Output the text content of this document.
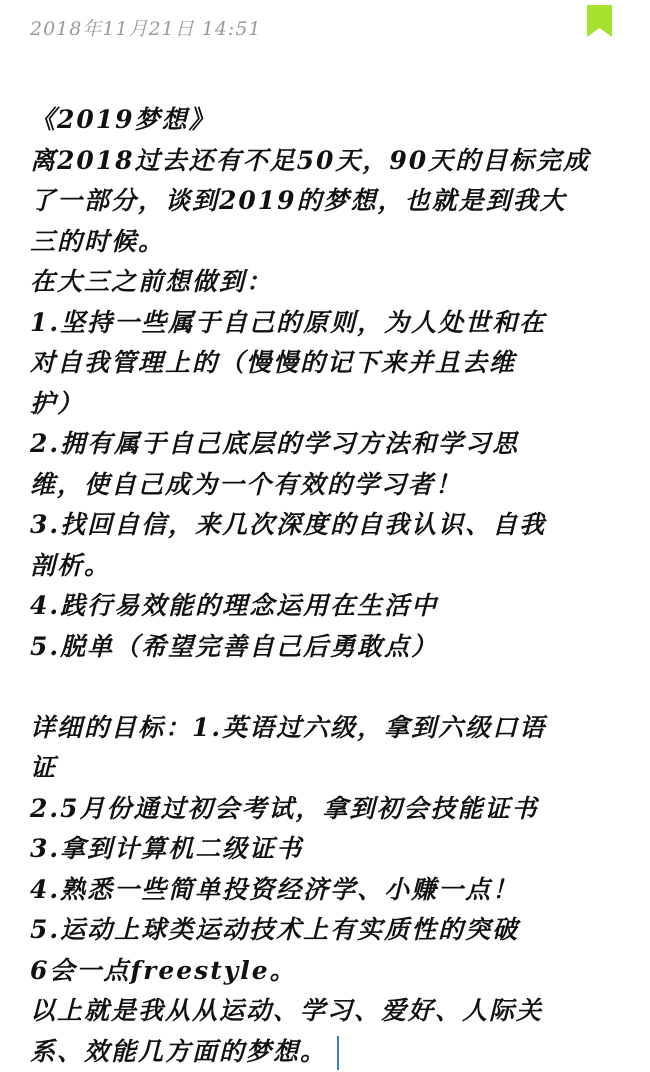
2018年11月21日 14:51
《2019梦想》
离2018过去还有不足50天，90天的目标完成
了一部分，谈到2019的梦想，也就是到我大
三的时候。
在大三之前想做到：
1.坚持一些属于自己的原则，为人处世和在
对自我管理上的（慢慢的记下来并且去维
护）
2.拥有属于自己底层的学习方法和学习思
维，使自己成为一个有效的学习者！
3.找回自信，来几次深度的自我认识、自我
剖析。
4.践行易效能的理念运用在生活中
5.脱单（希望完善自己后勇敢点）
详细的目标：1.英语过六级，拿到六级口语
证
2.5月份通过初会考试，拿到初会技能证书
3.拿到计算机二级证书
4.熟悉一些简单投资经济学、小赚一点！
5.运动上球类运动技术上有实质性的突破
6会一点freestyle。
以上就是我从从运动、学习、爱好、人际关
系、效能几方面的梦想。
